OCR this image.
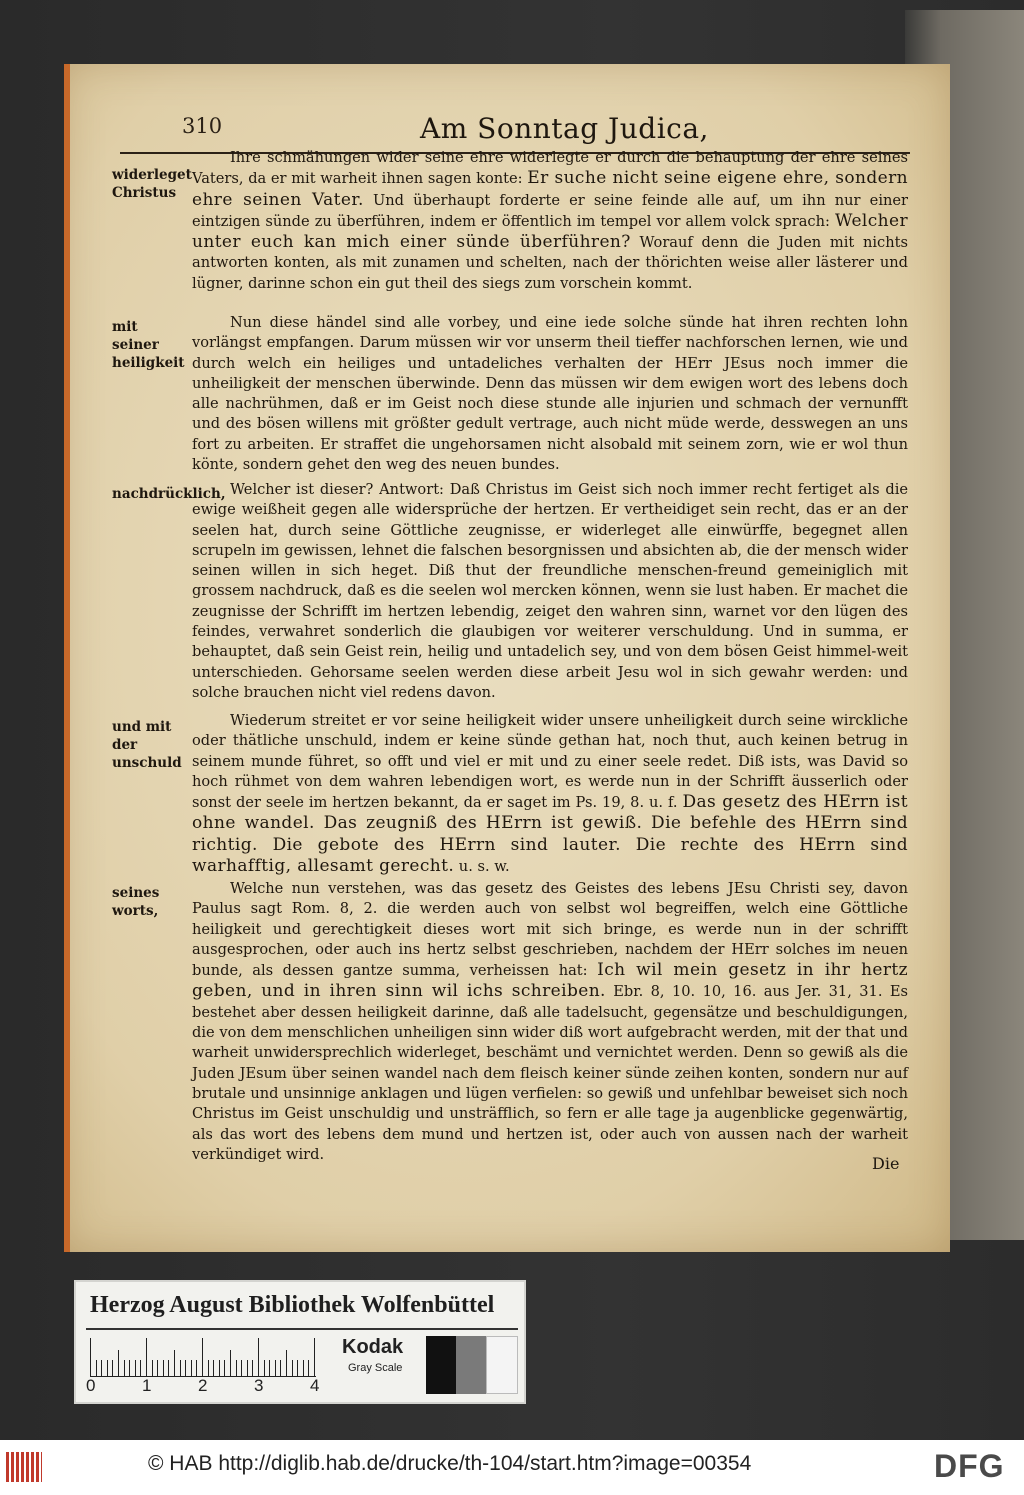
310	Am Sonntag Judica,
widerleget Christus
mit seiner heiligkeit
nachdrücklich,
und mit der unschuld
seines worts,

Ihre schmähungen wider seine ehre widerlegte er durch die behauptung der ehre seines Vaters, da er mit warheit ihnen sagen konte: Er suche nicht seine eigene ehre, sondern ehre seinen Vater. Und überhaupt forderte er seine feinde alle auf, um ihn nur einer eintzigen sünde zu überführen, indem er öffentlich im tempel vor allem volck sprach: Welcher unter euch kan mich einer sünde überführen? Worauf denn die Juden mit nichts antworten konten, als mit zunamen und schelten, nach der thörichten weise aller lästerer und lügner, darinne schon ein gut theil des siegs zum vorschein kommt.

Nun diese händel sind alle vorbey, und eine iede solche sünde hat ihren rechten lohn vorlängst empfangen. Darum müssen wir vor unserm theil tieffer nachforschen lernen, wie und durch welch ein heiliges und untadeliches verhalten der HErr JEsus noch immer die unheiligkeit der menschen überwinde. Denn das müssen wir dem ewigen wort des lebens doch alle nachrühmen, daß er im Geist noch diese stunde alle injurien und schmach der vernunfft und des bösen willens mit größter gedult vertrage, auch nicht müde werde, desswegen an uns fort zu arbeiten. Er straffet die ungehorsamen nicht alsobald mit seinem zorn, wie er wol thun könte, sondern gehet den weg des neuen bundes.

Welcher ist dieser? Antwort: Daß Christus im Geist sich noch immer recht fertiget als die ewige weißheit gegen alle widersprüche der hertzen. Er vertheidiget sein recht, das er an der seelen hat, durch seine Göttliche zeugnisse, er widerleget alle einwürffe, begegnet allen scrupeln im gewissen, lehnet die falschen besorgnissen und absichten ab, die der mensch wider seinen willen in sich heget. Diß thut der freundliche menschen-freund gemeiniglich mit grossem nachdruck, daß es die seelen wol mercken können, wenn sie lust haben. Er machet die zeugnisse der Schrifft im hertzen lebendig, zeiget den wahren sinn, warnet vor den lügen des feindes, verwahret sonderlich die glaubigen vor weiterer verschuldung. Und in summa, er behauptet, daß sein Geist rein, heilig und untadelich sey, und von dem bösen Geist himmel-weit unterschieden. Gehorsame seelen werden diese arbeit Jesu wol in sich gewahr werden: und solche brauchen nicht viel redens davon.

Wiederum streitet er vor seine heiligkeit wider unsere unheiligkeit durch seine wirckliche oder thätliche unschuld, indem er keine sünde gethan hat, noch thut, auch keinen betrug in seinem munde führet, so offt und viel er mit und zu einer seele redet. Diß ists, was David so hoch rühmet von dem wahren lebendigen wort, es werde nun in der Schrifft äusserlich oder sonst der seele im hertzen bekannt, da er saget im Ps. 19, 8. u. f. Das gesetz des HErrn ist ohne wandel. Das zeugniß des HErrn ist gewiß. Die befehle des HErrn sind richtig. Die gebote des HErrn sind lauter. Die rechte des HErrn sind warhafftig, allesamt gerecht. u. s. w.

Welche nun verstehen, was das gesetz des Geistes des lebens JEsu Christi sey, davon Paulus sagt Rom. 8, 2. die werden auch von selbst wol begreiffen, welch eine Göttliche heiligkeit und gerechtigkeit dieses wort mit sich bringe, es werde nun in der schrifft ausgesprochen, oder auch ins hertz selbst geschrieben, nachdem der HErr solches im neuen bunde, als dessen gantze summa, verheissen hat: Ich wil mein gesetz in ihr hertz geben, und in ihren sinn wil ichs schreiben. Ebr. 8, 10. 10, 16. aus Jer. 31, 31. Es bestehet aber dessen heiligkeit darinne, daß alle tadelsucht, gegensätze und beschuldigungen, die von dem menschlichen unheiligen sinn wider diß wort aufgebracht werden, mit der that und warheit unwidersprechlich widerleget, beschämt und vernichtet werden. Denn so gewiß als die Juden JEsum über seinen wandel nach dem fleisch keiner sünde zeihen konten, sondern nur auf brutale und unsinnige anklagen und lügen verfielen: so gewiß und unfehlbar beweiset sich noch Christus im Geist unschuldig und unsträfflich, so fern er alle tage ja augenblicke gegenwärtig, als das wort des lebens dem mund und hertzen ist, oder auch von aussen nach der warheit verkündiget wird.	Die
Herzog August Bibliothek Wolfenbüttel
0	1	2	3	4
Kodak
Gray Scale
© HAB http://diglib.hab.de/drucke/th-104/start.htm?image=00354	DFG
